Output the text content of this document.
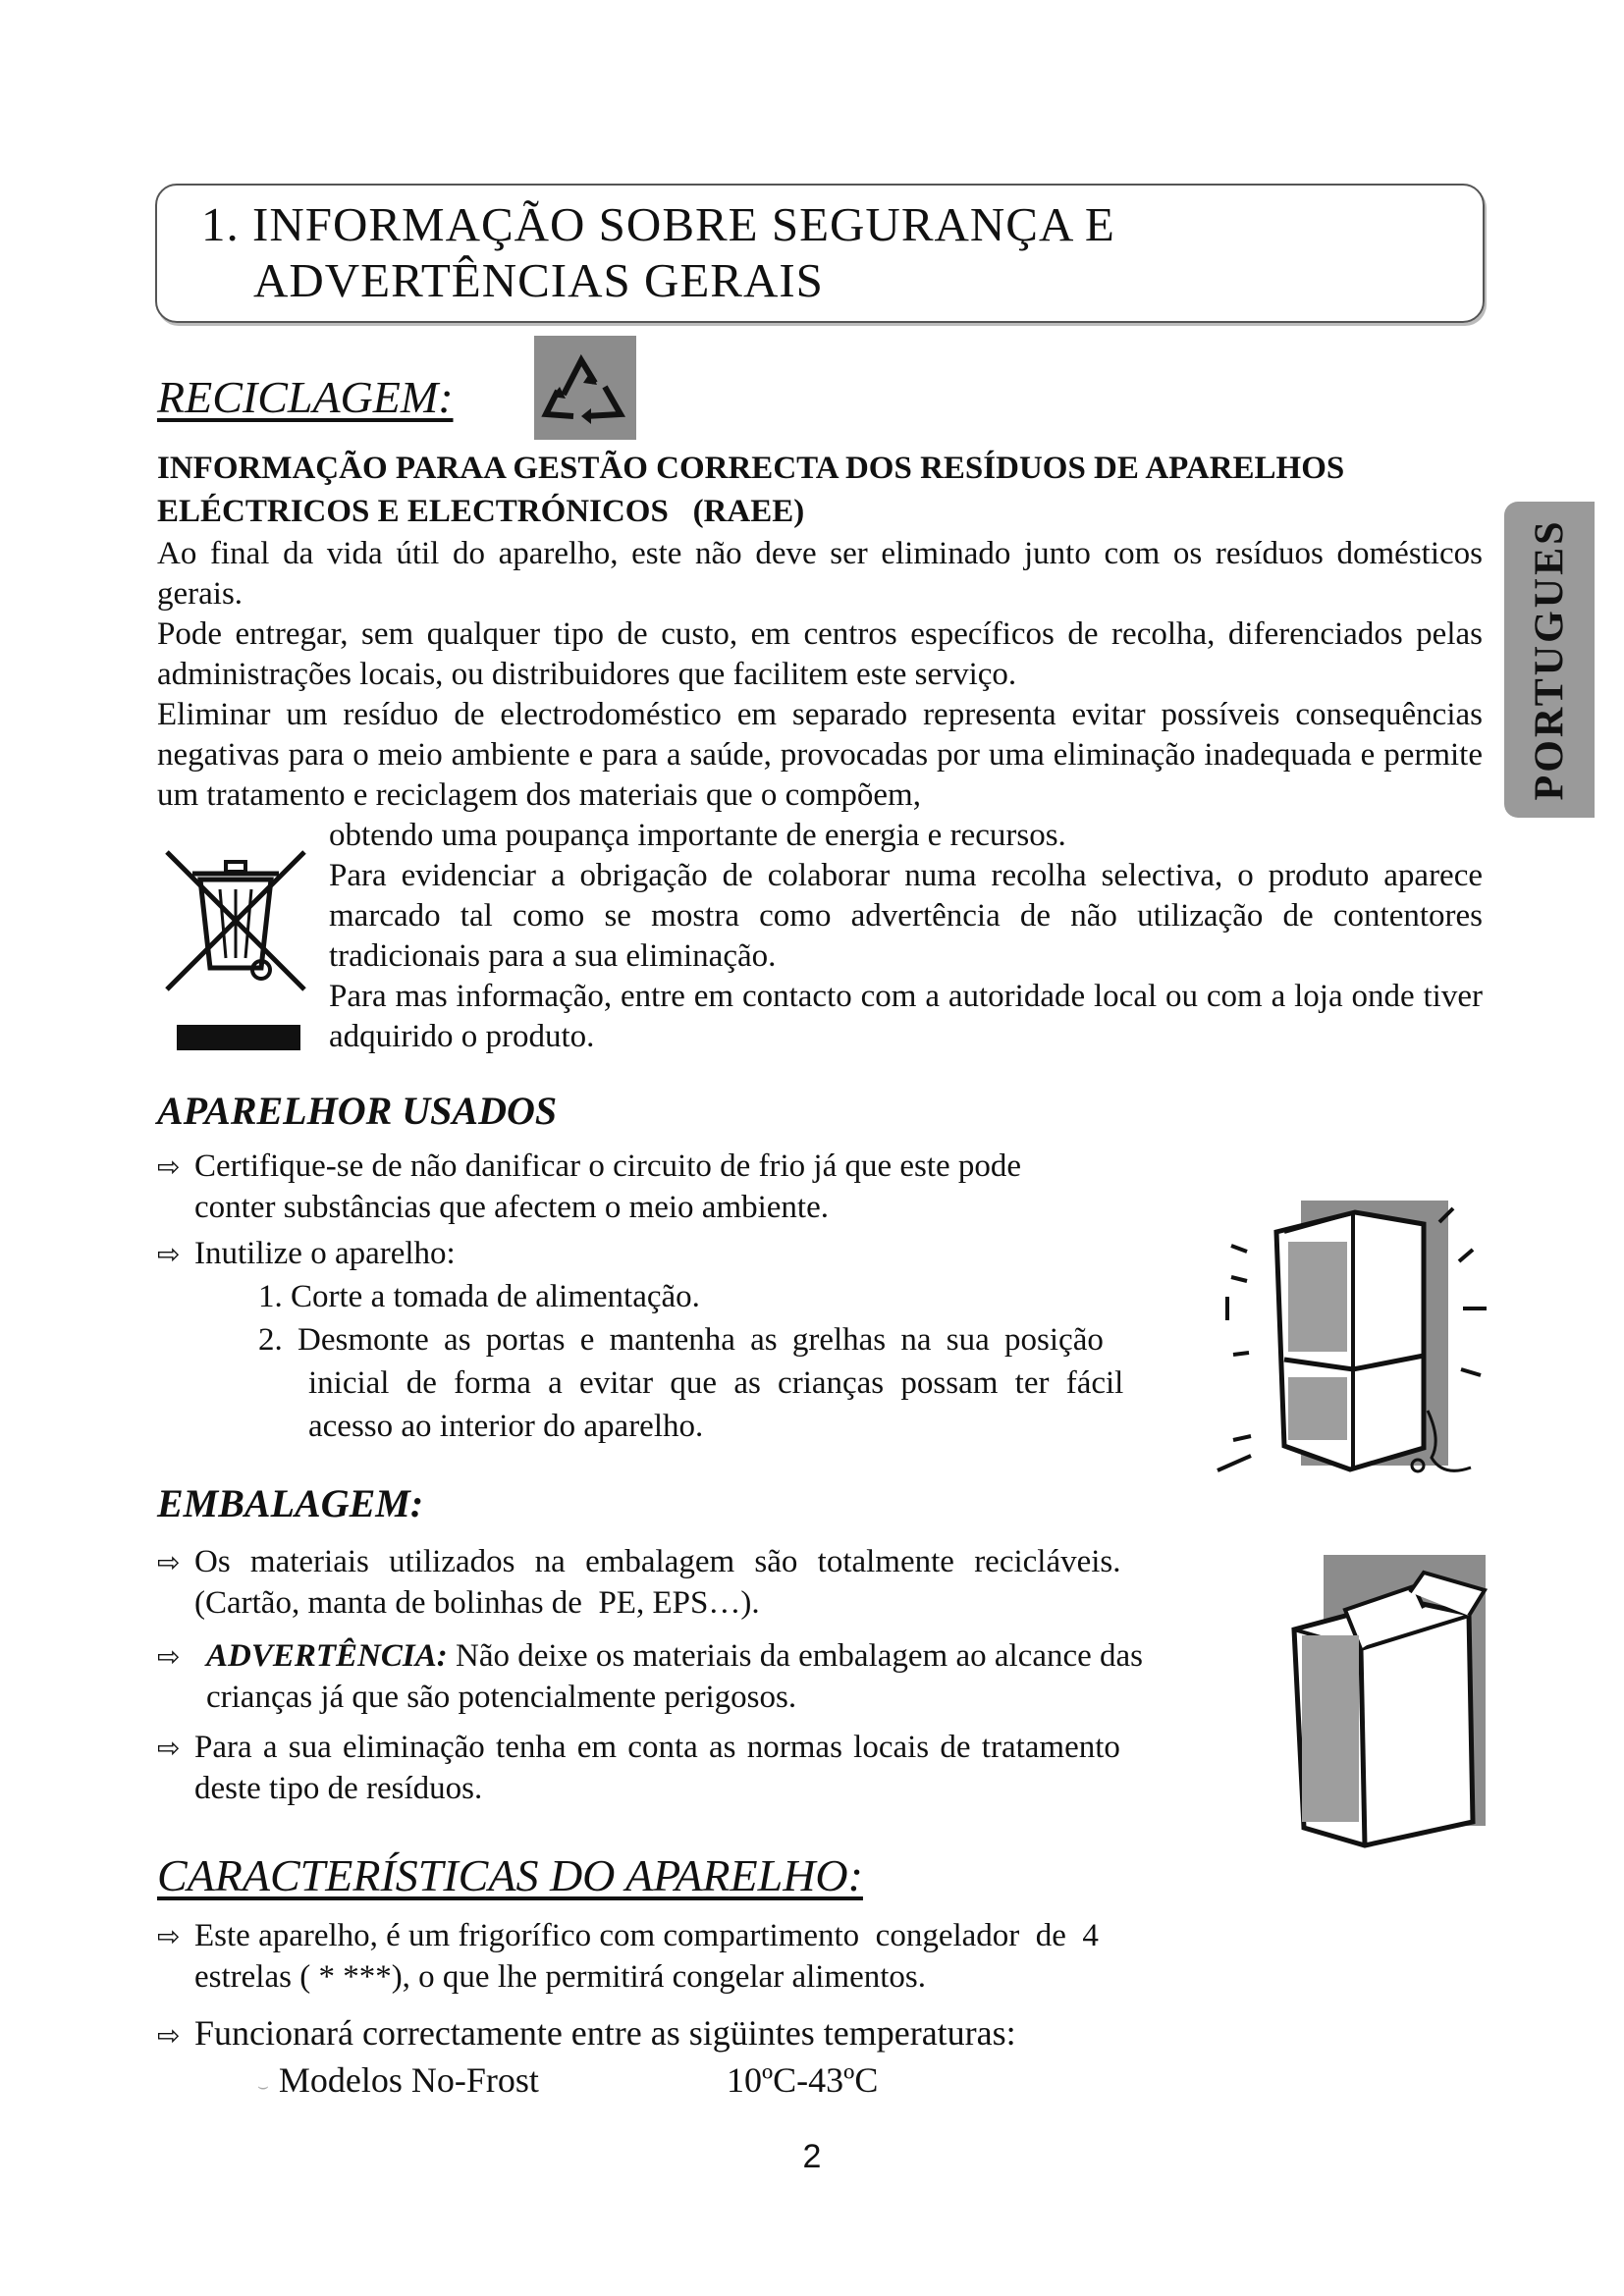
1. INFORMAÇÃO SOBRE SEGURANÇA E
ADVERTÊNCIAS GERAIS
PORTUGUES
RECICLAGEM:
INFORMAÇÃO PARAA GESTÃO CORRECTA DOS RESÍDUOS DE APARELHOS
ELÉCTRICOS E ELECTRÓNICOS   (RAEE)
Ao final da vida útil do aparelho, este não deve ser eliminado junto com os resíduos domésticos gerais.
Pode entregar, sem qualquer tipo de custo, em centros específicos de recolha, diferenciados pelas administrações locais, ou distribuidores que facilitem este serviço.
Eliminar um resíduo de electrodoméstico em separado representa evitar possíveis consequências negativas para o meio ambiente e para a saúde, provocadas por uma eliminação inadequada e permite um tratamento e reciclagem dos materiais que o compõem,
obtendo uma poupança importante de energia e recursos.
Para evidenciar a obrigação de colaborar numa recolha selectiva, o produto aparece marcado tal como se mostra como advertência de não utilização de contentores tradicionais para a sua eliminação.
Para mas informação, entre em contacto com a autoridade local ou com a loja onde tiver adquirido o produto.
APARELHOR USADOS
⇨ Certifique-se de não danificar o circuito de frio já que este pode
conter substâncias que afectem o meio ambiente.
⇨ Inutilize o aparelho:
1. Corte a tomada de alimentação.
2. Desmonte as portas e mantenha as grelhas na sua posição
inicial de forma a evitar que as crianças possam ter fácil
acesso ao interior do aparelho.
EMBALAGEM:
⇨ Os materiais utilizados na embalagem são totalmente recicláveis.
(Cartão, manta de bolinhas de  PE, EPS…).
⇨ ADVERTÊNCIA: Não deixe os materiais da embalagem ao alcance das
crianças já que são potencialmente perigosos.
⇨ Para a sua eliminação tenha em conta as normas locais de tratamento
deste tipo de resíduos.
CARACTERÍSTICAS DO APARELHO:
⇨ Este aparelho, é um frigorífico com compartimento  congelador  de  4
estrelas ( * ***), o que lhe permitirá congelar alimentos.
⇨ Funcionará correctamente entre as sigüintes temperaturas:
⌣ Modelos No-Frost	10ºC-43ºC
2
